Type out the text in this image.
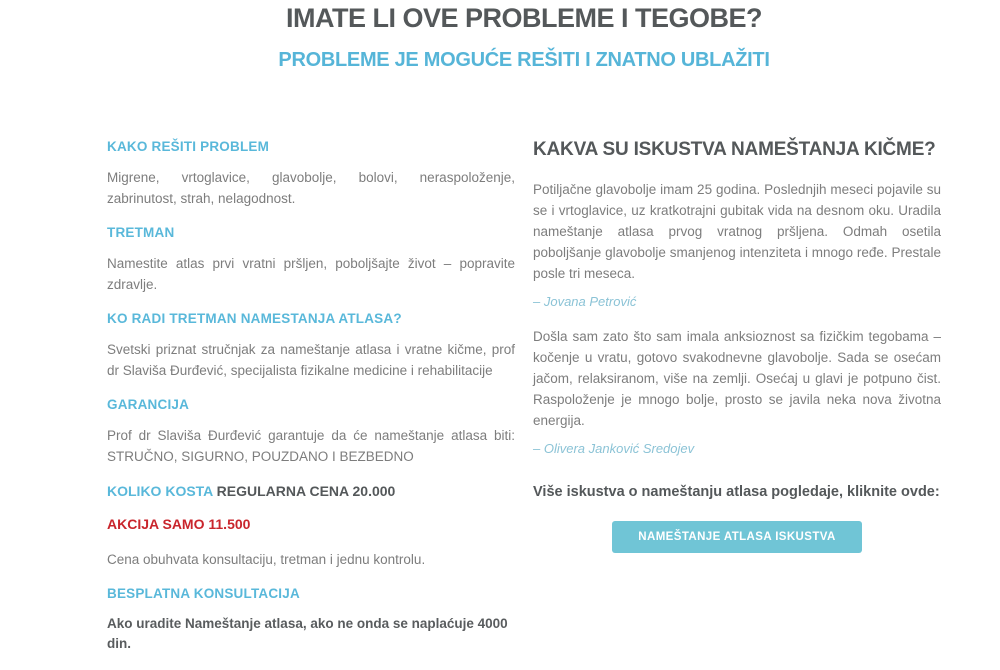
IMATE LI OVE PROBLEME I TEGOBE?
PROBLEME JE MOGUĆE REŠITI I ZNATNO UBLAŽITI
KAKO REŠITI PROBLEM

Migrene, vrtoglavice, glavobolje, bolovi, neraspoloženje, zabrinutost, strah, nelagodnost.

TRETMAN

Namestite atlas prvi vratni pršljen, poboljšajte život – popravite zdravlje.

KO RADI TRETMAN NAMESTANJA ATLASA?

Svetski priznat stručnjak za nameštanje atlasa i vratne kičme, prof dr Slaviša Đurđević, specijalista fizikalne medicine i rehabilitacije

GARANCIJA

Prof dr Slaviša Đurđević garantuje da će nameštanje atlasa biti: STRUČNO, SIGURNO, POUZDANO I BEZBEDNO

KOLIKO KOSTA REGULARNA CENA 20.000

AKCIJA SAMO 11.500

Cena obuhvata konsultaciju, tretman i jednu kontrolu.

BESPLATNA KONSULTACIJA

Ako uradite Nameštanje atlasa, ako ne onda se naplaćuje 4000 din.

KAKVA SU ISKUSTVA NAMEŠTANJA KIČME?

Potiljačne glavobolje imam 25 godina. Poslednjih meseci pojavile su se i vrtoglavice, uz kratkotrajni gubitak vida na desnom oku. Uradila nameštanje atlasa prvog vratnog pršljena. Odmah osetila poboljšanje glavobolje smanjenog intenziteta i mnogo ređe. Prestale posle tri meseca.

– Jovana Petrović

Došla sam zato što sam imala anksioznost sa fizičkim tegobama – kočenje u vratu, gotovo svakodnevne glavobolje. Sada se osećam jačom, relaksiranom, više na zemlji. Osećaj u glavi je potpuno čist. Raspoloženje je mnogo bolje, prosto se javila neka nova životna energija.

– Olivera Janković Sredojev

Više iskustva o nameštanju atlasa pogledaje, kliknite ovde:

NAMEŠTANJE ATLASA ISKUSTVA
